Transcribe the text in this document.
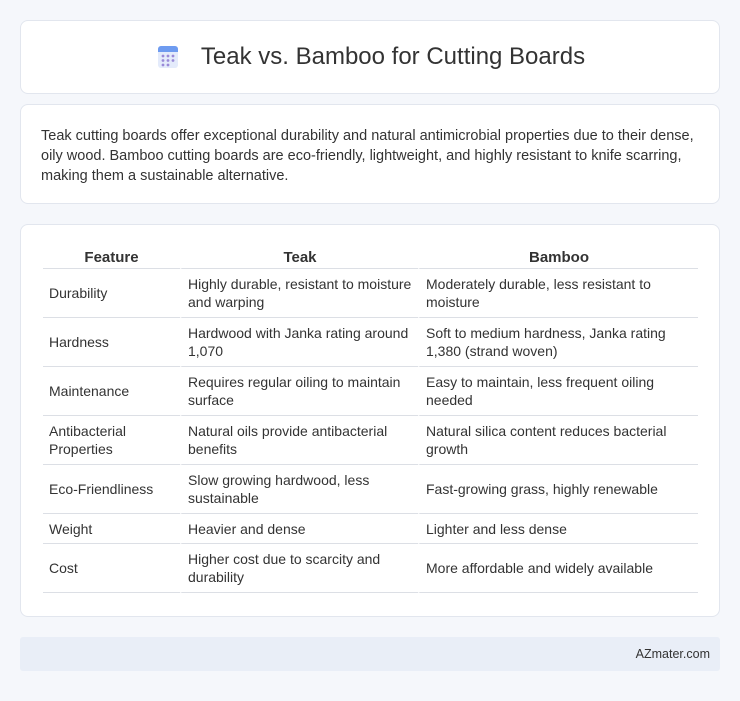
Teak vs. Bamboo for Cutting Boards

Teak cutting boards offer exceptional durability and natural antimicrobial properties due to their dense, oily wood. Bamboo cutting boards are eco-friendly, lightweight, and highly resistant to knife scarring, making them a sustainable alternative.

Feature	Teak	Bamboo
Durability	Highly durable, resistant to moisture and warping	Moderately durable, less resistant to moisture
Hardness	Hardwood with Janka rating around 1,070	Soft to medium hardness, Janka rating 1,380 (strand woven)
Maintenance	Requires regular oiling to maintain surface	Easy to maintain, less frequent oiling needed
Antibacterial Properties	Natural oils provide antibacterial benefits	Natural silica content reduces bacterial growth
Eco-Friendliness	Slow growing hardwood, less sustainable	Fast-growing grass, highly renewable
Weight	Heavier and dense	Lighter and less dense
Cost	Higher cost due to scarcity and durability	More affordable and widely available
AZmater.com
